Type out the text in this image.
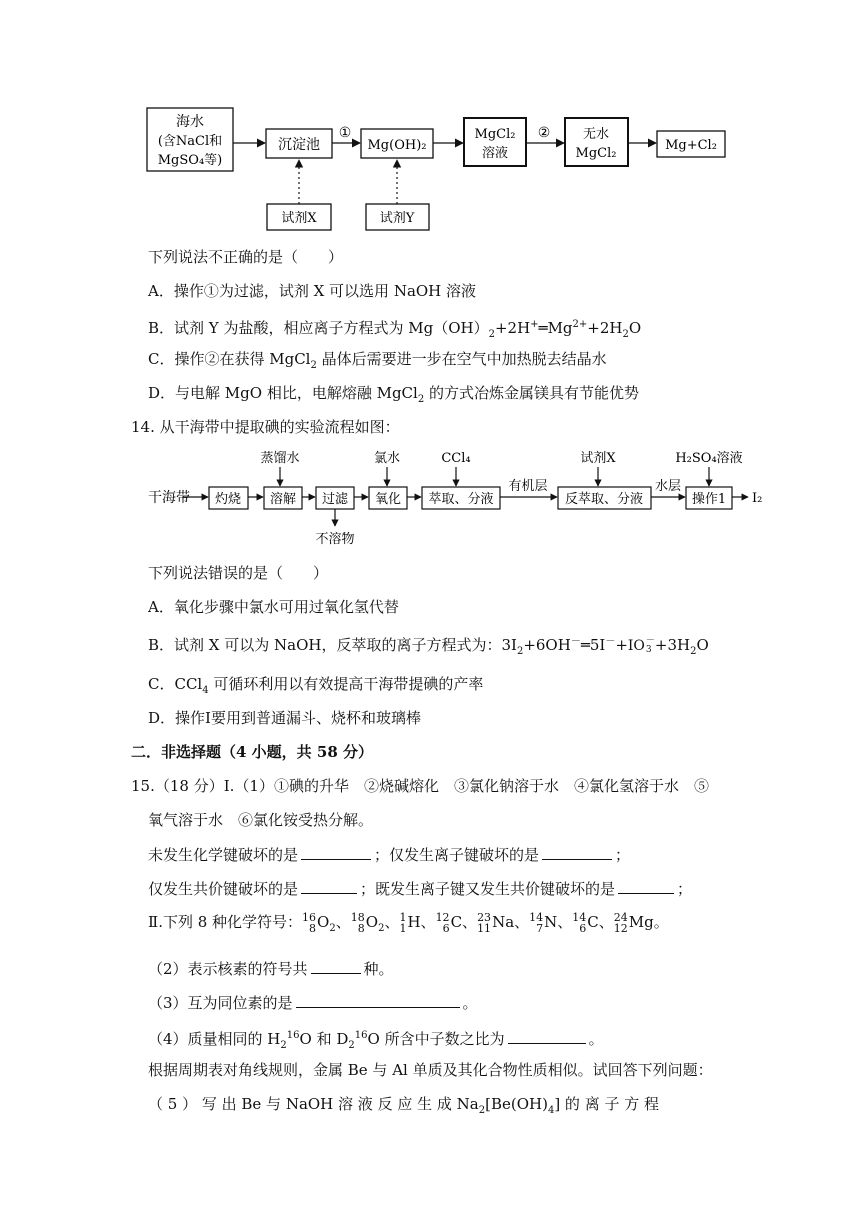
海水
(含NaCl和
MgSO₄等)
沉淀池
①
Mg(OH)₂
MgCl₂
溶液
②	无水
MgCl₂
Mg+Cl₂
试剂X	试剂Y
下列说法不正确的是（　　）
A．操作①为过滤，试剂 X 可以选用 NaOH 溶液
B．试剂 Y 为盐酸，相应离子方程式为 $Mg(OH)_2+2H^+═Mg^{2+}+2H_2O$
C．操作②在获得 MgCl$_2$ 晶体后需要进一步在空气中加热脱去结晶水
D．与电解 MgO 相比，电解熔融 MgCl$_2$ 的方式冶炼金属镁具有节能优势
14. 从干海带中提取碘的实验流程如图：
干海带 灼烧 溶解
蒸馏水
过滤
不溶物
氧化
氯水
萃取、分液
CCl₄
有机层
反萃取、分液
试剂X
水层
操作1
H₂SO₄溶液
I₂
下列说法错误的是（　　）
A．氧化步骤中氯水可用过氧化氢代替
B．试剂 X 可以为 NaOH，反萃取的离子方程式为：$3I_2+6OH^-═5I^-+$ IO －
$3 +3H_2O$
C．CCl$_4$ 可循环利用以有效提高干海带提碘的产率
D．操作Ⅰ要用到普通漏斗、烧杯和玻璃棒
二．非选择题（4 小题，共 58 分）
15.（18 分）Ⅰ.（1）①碘的升华　②烧碱熔化　③氯化钠溶于水　④氯化氢溶于水　⑤
氧气溶于水　⑥氯化铵受热分解。
未发生化学键破坏的是	；仅发生离子键破坏的是	；
仅发生共价键破坏的是	；既发生离子键又发生共价键破坏的是	；
Ⅱ.下列 8 种化学符号： 16
8 $O_2$、 18
8 $O_2$、 1
1 H、 12
6 C、 23
11 Na、 14
7 N、 14
6 C、 24
12 Mg。
（2）表示核素的符号共	种。
（3）互为同位素的是	。
（4）质量相同的 $H_2^{16}O$ 和 $D_2^{16}O$ 所含中子数之比为	。
根据周期表对角线规则，金属 Be 与 Al 单质及其化合物性质相似。试回答下列问题：
（ 5 ） 写 出 Be 与 NaOH 溶 液 反 应 生 成 $Na_2[Be(OH)_4]$ 的 离 子 方 程
